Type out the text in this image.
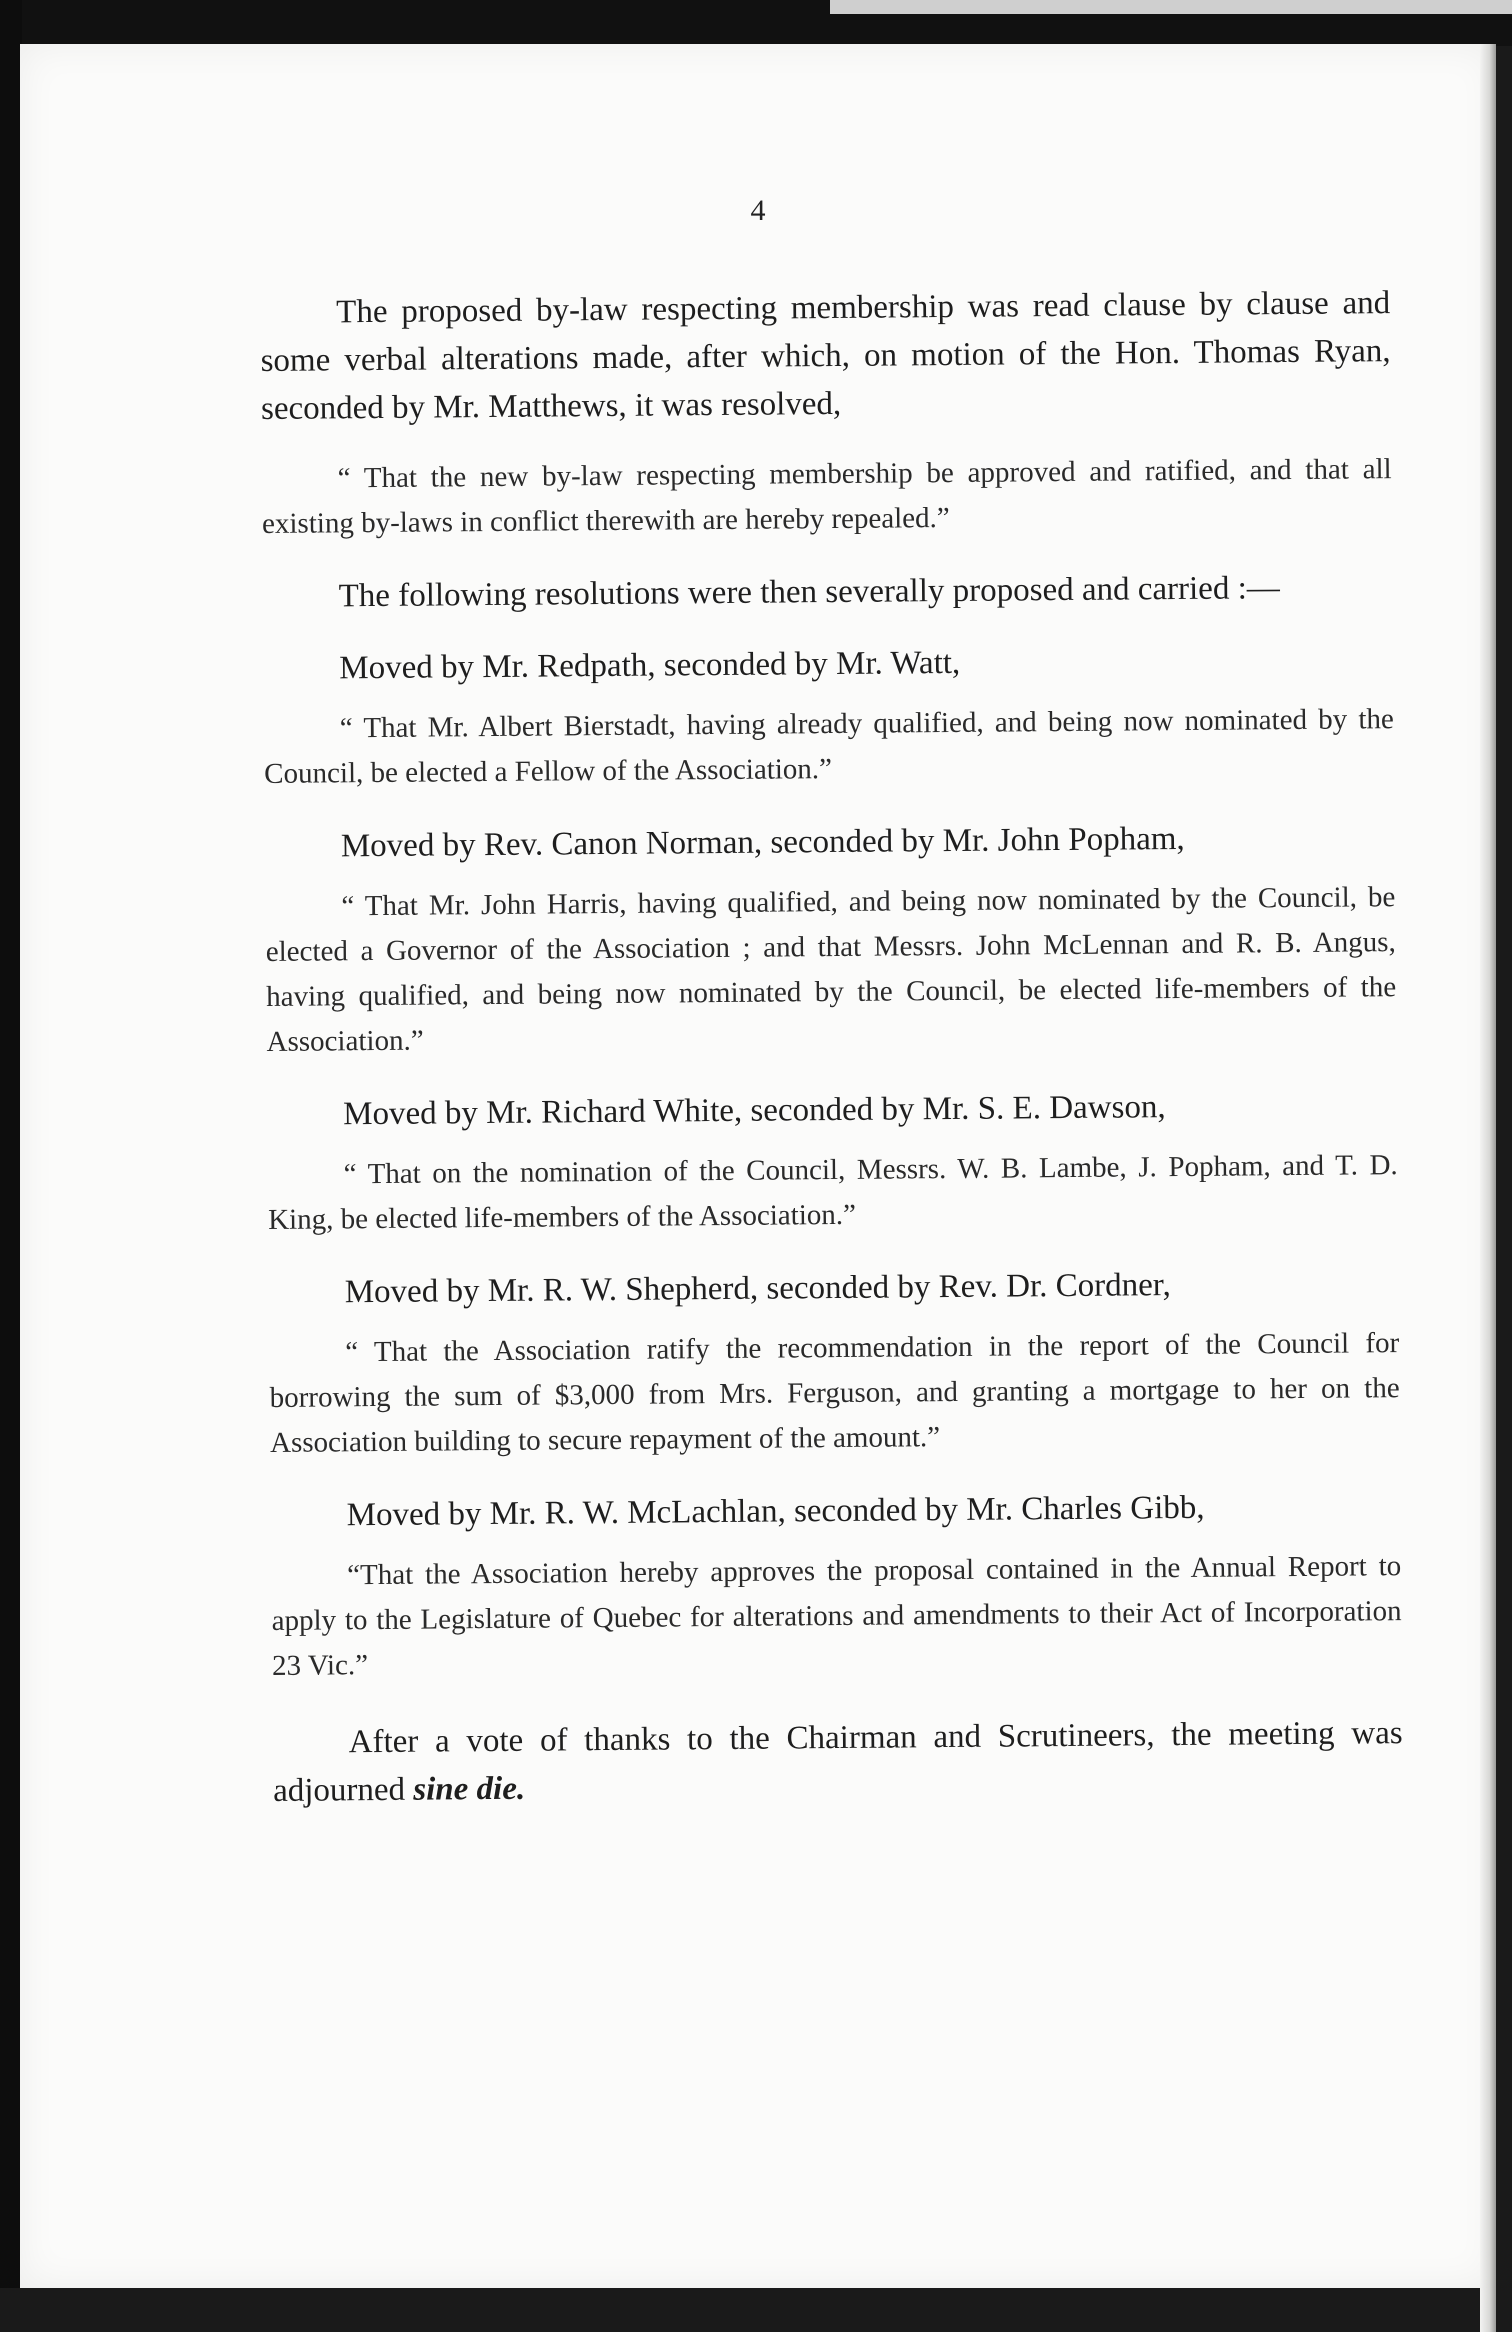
4

The proposed by-law respecting membership was read clause by clause and some verbal alterations made, after which, on motion of the Hon. Thomas Ryan, seconded by Mr. Matthews, it was resolved,

“ That the new by-law respecting membership be approved and ratified, and that all existing by-laws in conflict therewith are hereby repealed.”

The following resolutions were then severally proposed and carried :—

Moved by Mr. Redpath, seconded by Mr. Watt,

“ That Mr. Albert Bierstadt, having already qualified, and being now nominated by the Council, be elected a Fellow of the Association.”

Moved by Rev. Canon Norman, seconded by Mr. John Popham,

“ That Mr. John Harris, having qualified, and being now nominated by the Council, be elected a Governor of the Association ; and that Messrs. John McLennan and R. B. Angus, having qualified, and being now nominated by the Council, be elected life-members of the Association.”

Moved by Mr. Richard White, seconded by Mr. S. E. Dawson,

“ That on the nomination of the Council, Messrs. W. B. Lambe, J. Popham, and T. D. King, be elected life-members of the Association.”

Moved by Mr. R. W. Shepherd, seconded by Rev. Dr. Cordner,

“ That the Association ratify the recommendation in the report of the Council for borrowing the sum of $3,000 from Mrs. Ferguson, and granting a mortgage to her on the Association building to secure repayment of the amount.”

Moved by Mr. R. W. McLachlan, seconded by Mr. Charles Gibb,

“That the Association hereby approves the proposal contained in the Annual Report to apply to the Legislature of Quebec for alterations and amendments to their Act of Incorporation 23 Vic.”

After a vote of thanks to the Chairman and Scrutineers, the meeting was adjourned sine die.
